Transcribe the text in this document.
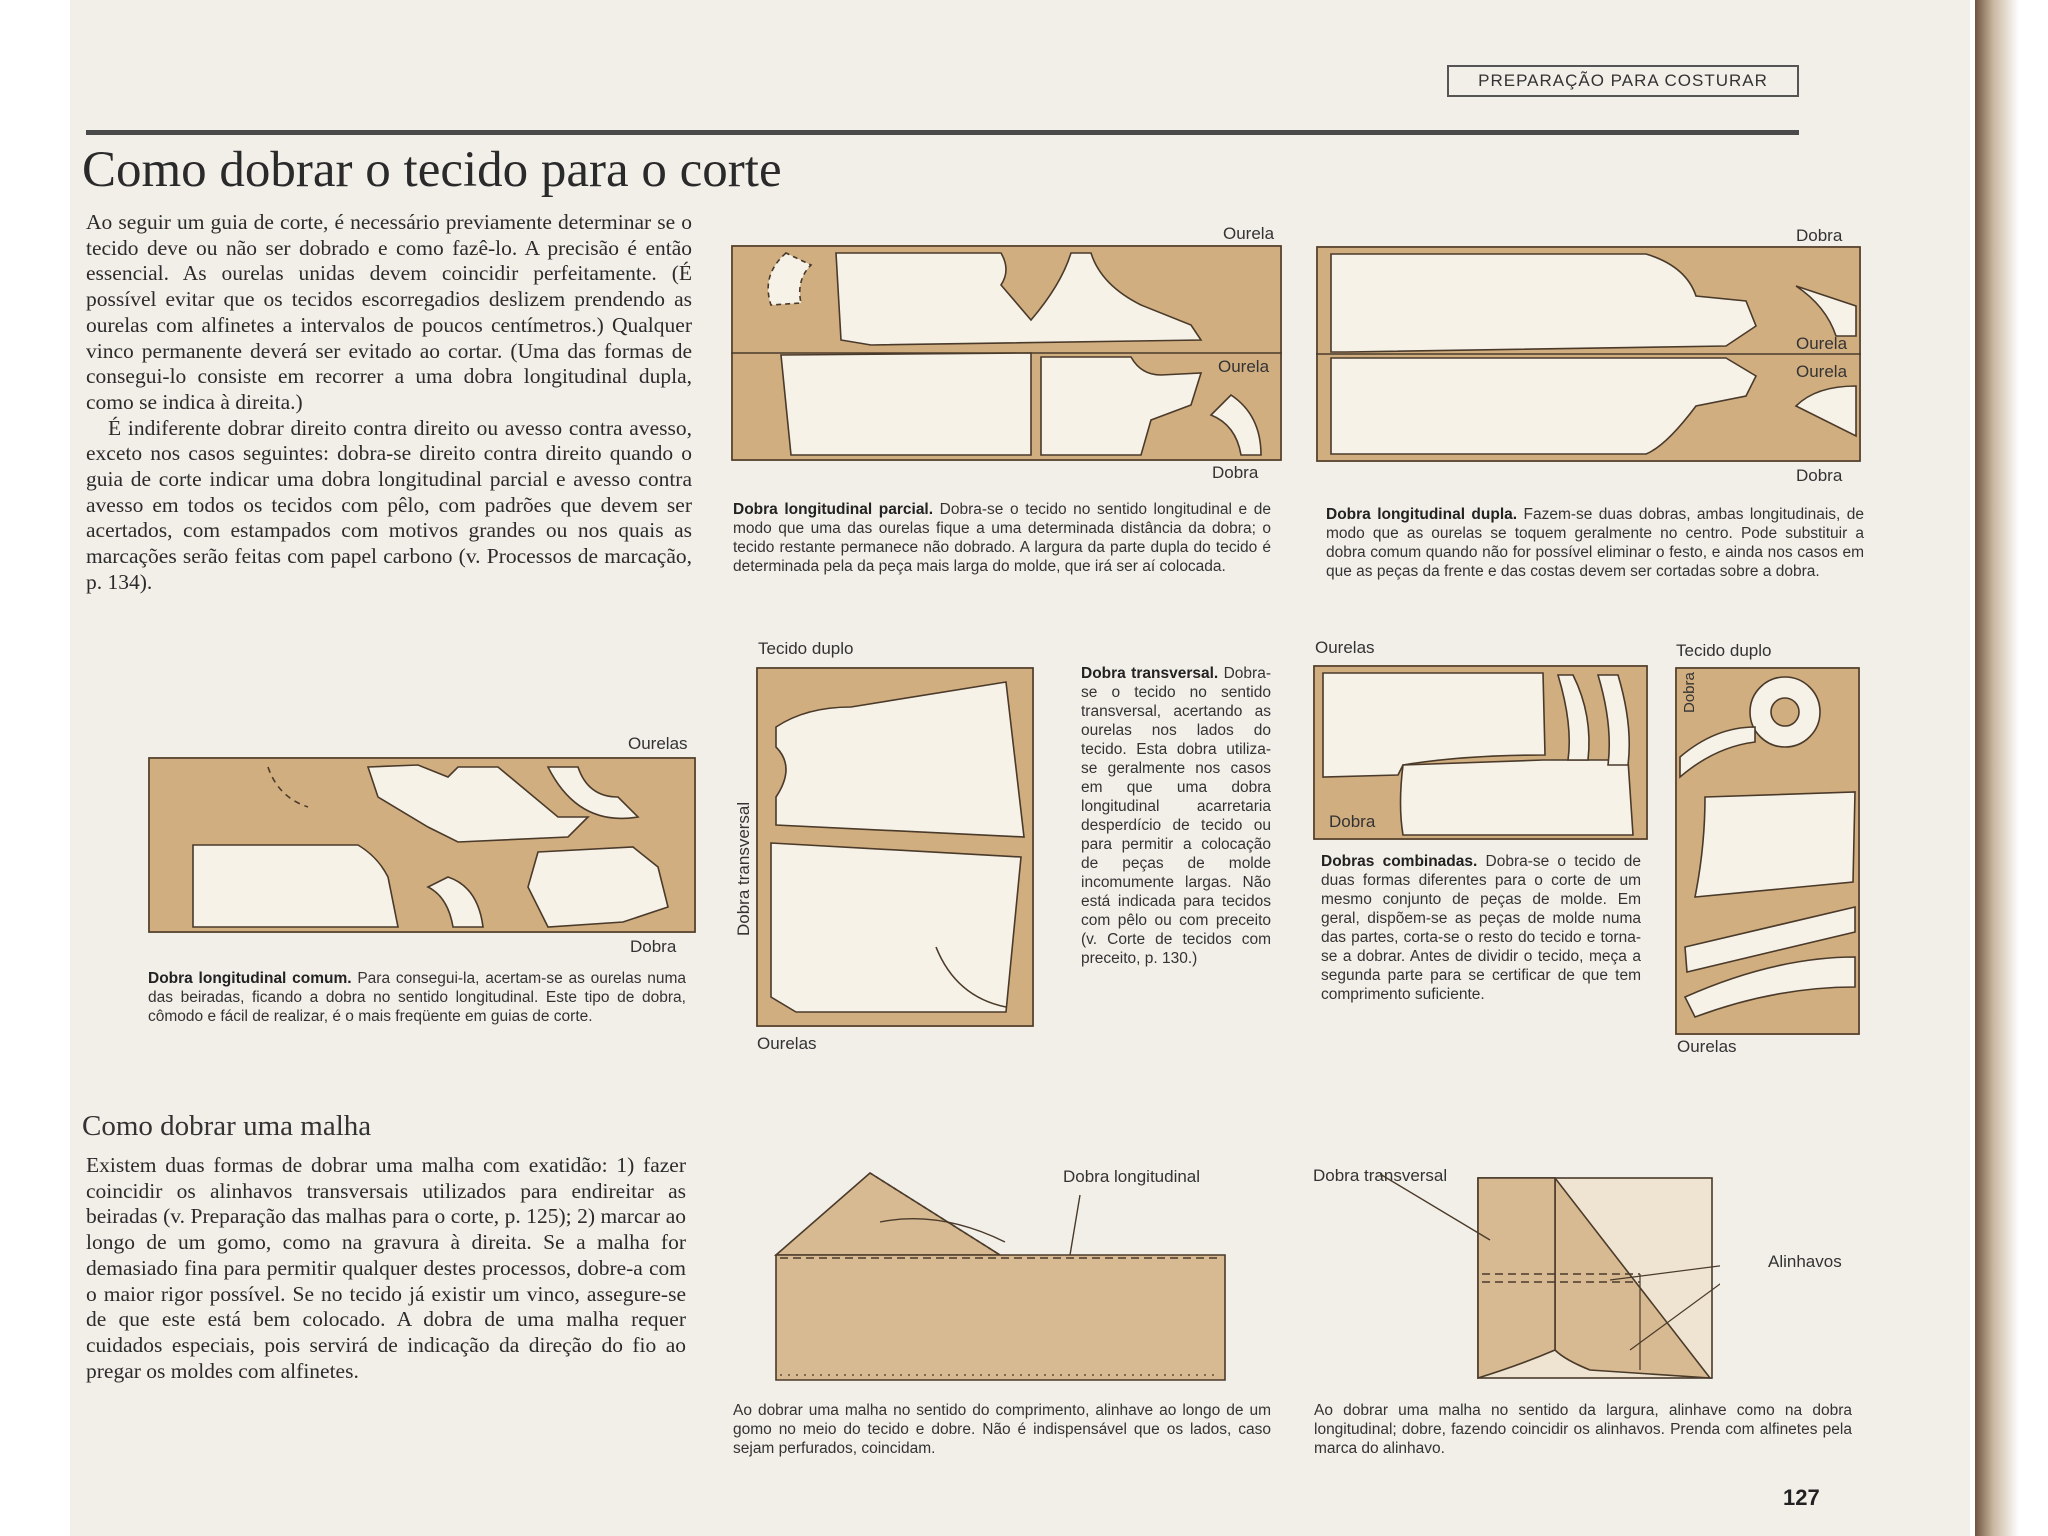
PREPARAÇÃO PARA COSTURAR
Como dobrar o tecido para o corte

Ao seguir um guia de corte, é necessário previamente determinar se o tecido deve ou não ser dobrado e como fazê-lo. A precisão é então essencial. As ourelas unidas devem coincidir perfeitamente. (É possível evitar que os tecidos escorregadios deslizem prendendo as ourelas com alfinetes a intervalos de poucos centímetros.) Qualquer vinco permanente deverá ser evitado ao cortar. (Uma das formas de consegui-lo consiste em recorrer a uma dobra longitudinal dupla, como se indica à direita.)

É indiferente dobrar direito contra direito ou avesso contra avesso, exceto nos casos seguintes: dobra-se direito contra direito quando o guia de corte indicar uma dobra longitudinal parcial e avesso contra avesso em todos os tecidos com pêlo, com padrões que devem ser acertados, com estampados com motivos grandes ou nos quais as marcações serão feitas com papel carbono (v. Processos de marcação, p. 134).

Ourelas
Dobra
Dobra longitudinal comum. Para consegui-la, acertam-se as ourelas numa das beiradas, ficando a dobra no sentido longitudinal. Este tipo de dobra, cômodo e fácil de realizar, é o mais freqüente em guias de corte.
Ourela
Ourela
Dobra
Dobra longitudinal parcial. Dobra-se o tecido no sentido longitudinal e de modo que uma das ourelas fique a uma determinada distância da dobra; o tecido restante permanece não dobrado. A largura da parte dupla do tecido é determinada pela da peça mais larga do molde, que irá ser aí colocada.
Dobra
Ourela
Ourela
Dobra
Dobra longitudinal dupla. Fazem-se duas dobras, ambas longitudinais, de modo que as ourelas se toquem geralmente no centro. Pode substituir a dobra comum quando não for possível eliminar o festo, e ainda nos casos em que as peças da frente e das costas devem ser cortadas sobre a dobra.
Tecido duplo
Dobra transversal
Ourelas
Dobra transversal. Dobra-se o tecido no sentido transversal, acertando as ourelas nos lados do tecido. Esta dobra utiliza-se geralmente nos casos em que uma dobra longitudinal acarretaria desperdício de tecido ou para permitir a colocação de peças de molde incomumente largas. Não está indicada para tecidos com pêlo ou com preceito (v. Corte de tecidos com preceito, p. 130.)
Ourelas
Dobra
Tecido duplo
Dobra
Ourelas
Dobras combinadas. Dobra-se o tecido de duas formas diferentes para o corte de um mesmo conjunto de peças de molde. Em geral, dispõem-se as peças de molde numa das partes, corta-se o resto do tecido e torna-se a dobrar. Antes de dividir o tecido, meça a segunda parte para se certificar de que tem comprimento suficiente.
Como dobrar uma malha
Existem duas formas de dobrar uma malha com exatidão: 1) fazer coincidir os alinhavos transversais utilizados para endireitar as beiradas (v. Preparação das malhas para o corte, p. 125); 2) marcar ao longo de um gomo, como na gravura à direita. Se a malha for demasiado fina para permitir qualquer destes processos, dobre-a com o maior rigor possível. Se no tecido já existir um vinco, assegure-se de que este está bem colocado. A dobra de uma malha requer cuidados especiais, pois servirá de indicação da direção do fio ao pregar os moldes com alfinetes.
Dobra longitudinal
Ao dobrar uma malha no sentido do comprimento, alinhave ao longo de um gomo no meio do tecido e dobre. Não é indispensável que os lados, caso sejam perfurados, coincidam.
Dobra transversal
Alinhavos
Ao dobrar uma malha no sentido da largura, alinhave como na dobra longitudinal; dobre, fazendo coincidir os alinhavos. Prenda com alfinetes pela marca do alinhavo.
127
